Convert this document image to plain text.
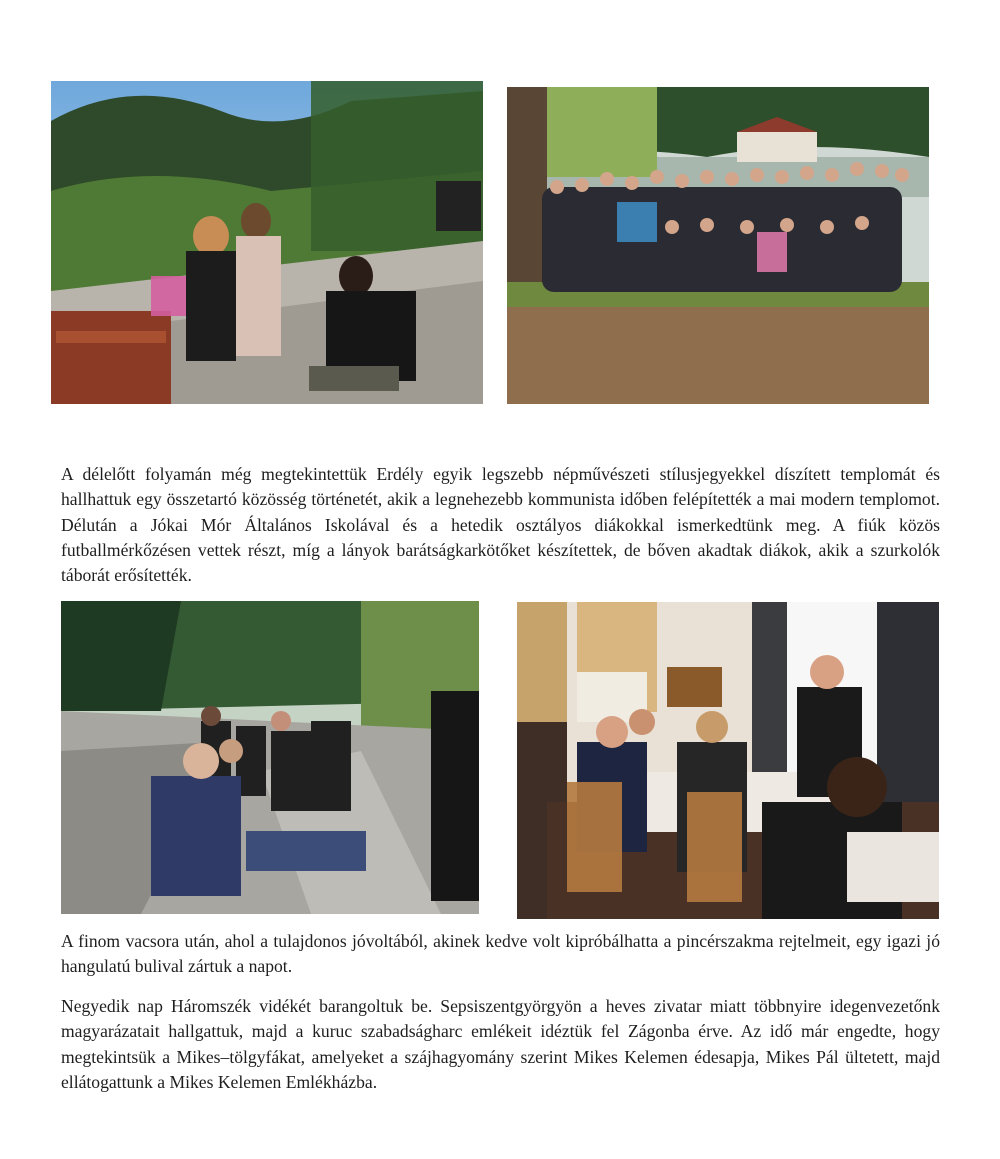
A délelőtt folyamán még megtekintettük Erdély egyik legszebb népművészeti stílusjegyekkel díszített templomát és hallhattuk egy összetartó közösség történetét, akik a legnehezebb kommunista időben felépítették a mai modern templomot. Délután a Jókai Mór Általános Iskolával és a hetedik osztályos diákokkal ismerkedtünk meg. A fiúk közös futballmérkőzésen vettek részt, míg a lányok barátságkarkötőket készítettek, de bőven akadtak diákok, akik a szurkolók táborát erősítették.

A finom vacsora után, ahol a tulajdonos jóvoltából, akinek kedve volt kipróbálhatta a pincérszakma rejtelmeit, egy igazi jó hangulatú bulival zártuk a napot.

Negyedik nap Háromszék vidékét barangoltuk be. Sepsiszentgyörgyön a heves zivatar miatt többnyire idegenvezetőnk magyarázatait hallgattuk, majd a kuruc szabadságharc emlékeit idéztük fel Zágonba érve. Az idő már engedte, hogy megtekintsük a Mikes–tölgyfákat, amelyeket a szájhagyomány szerint Mikes Kelemen édesapja, Mikes Pál ültetett, majd ellátogattunk a Mikes Kelemen Emlékházba.
